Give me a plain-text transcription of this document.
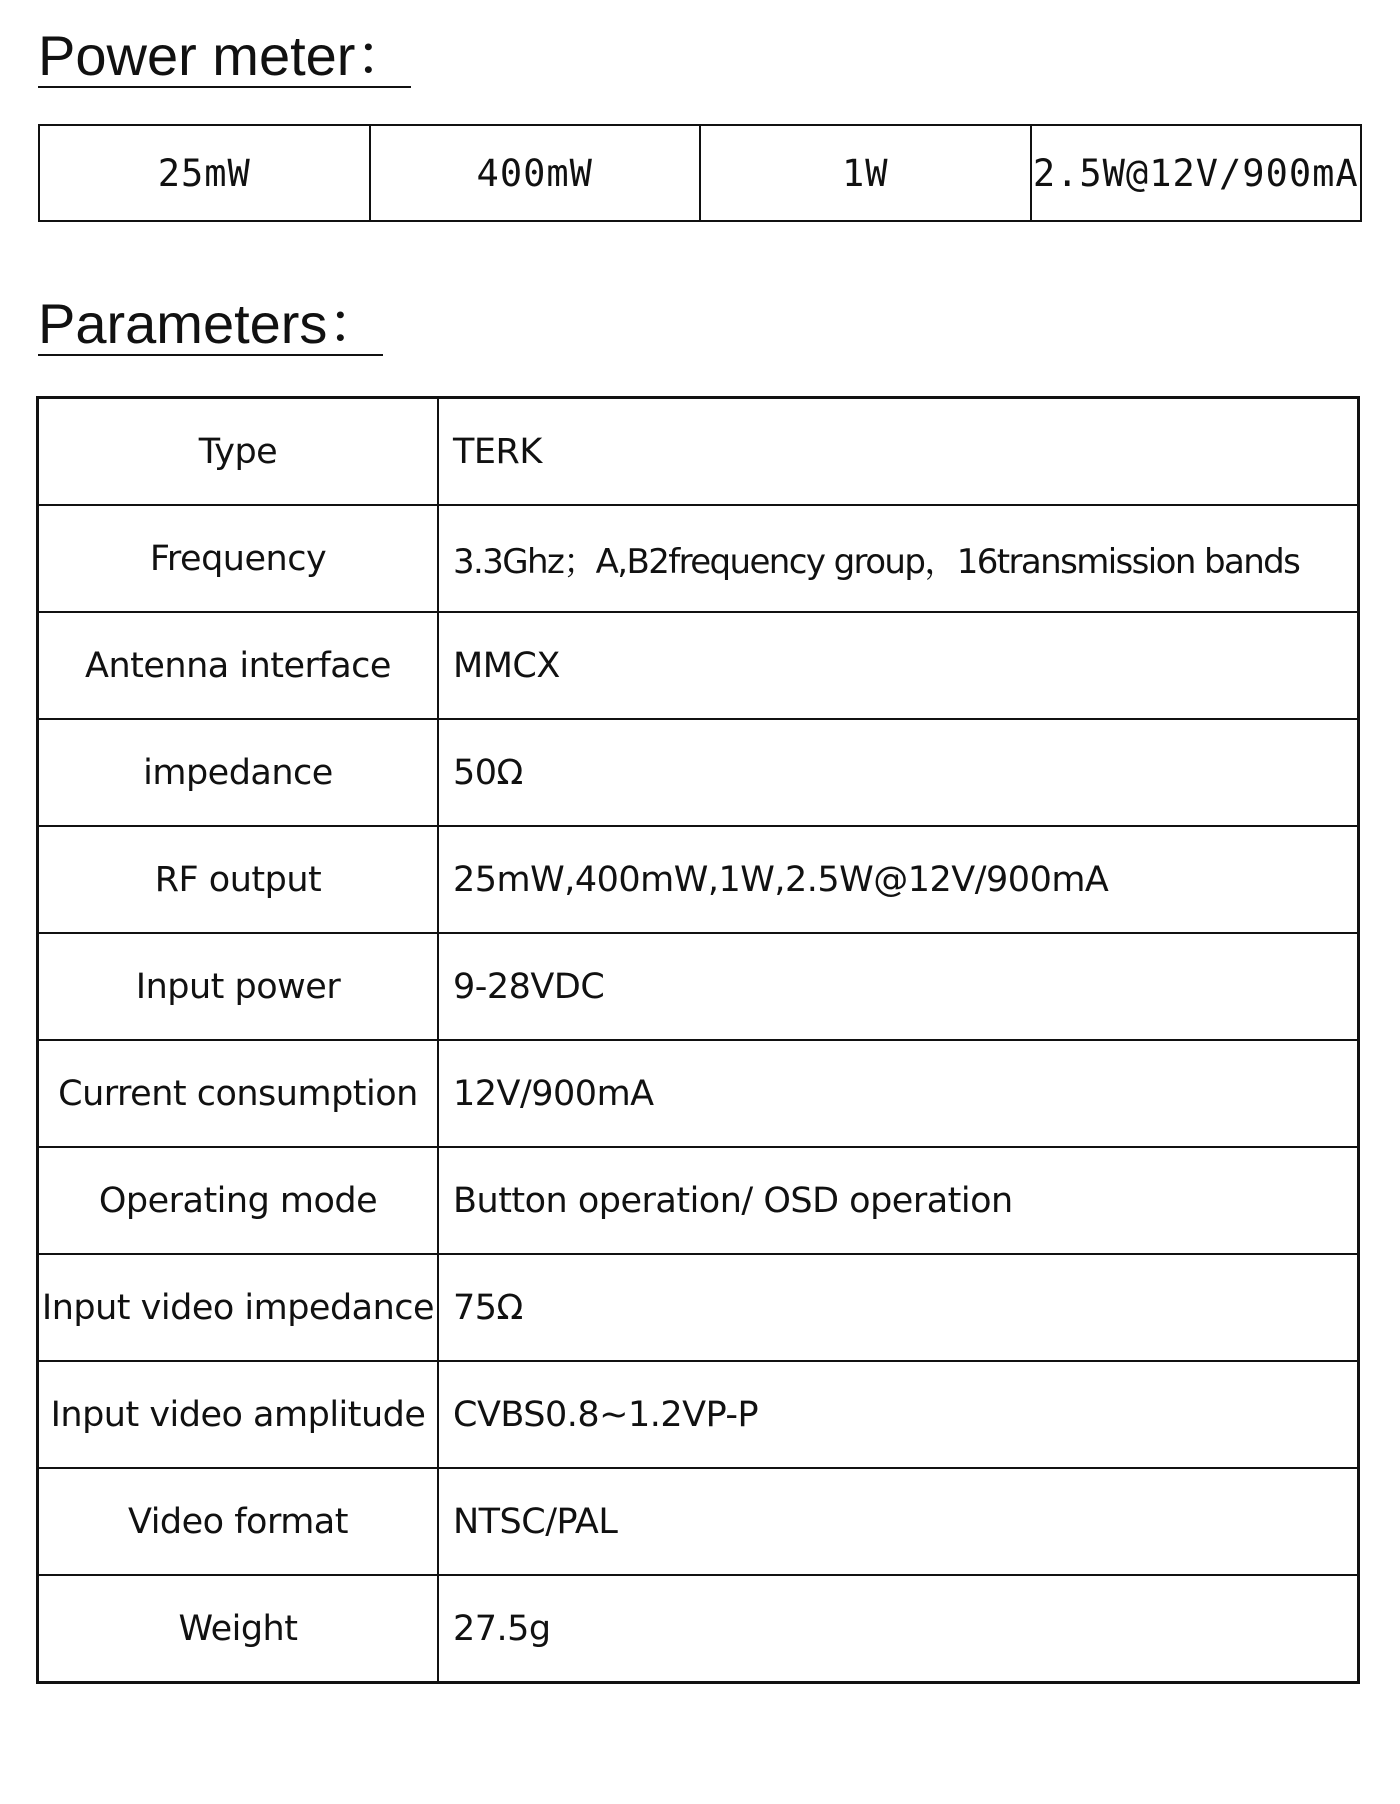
Power meter：
25mW	400mW	1W	2.5W@12V/900mA
Parameters：
Type	TERK
Frequency	3.3Ghz；A,B2frequency group，16transmission bands
Antenna interface	MMCX
impedance	50Ω
RF output	25mW,400mW,1W,2.5W@12V/900mA
Input power	9-28VDC
Current consumption	12V/900mA
Operating mode	Button operation/ OSD operation
Input video impedance	75Ω
Input video amplitude	CVBS0.8~1.2VP-P
Video format	NTSC/PAL
Weight	27.5g
